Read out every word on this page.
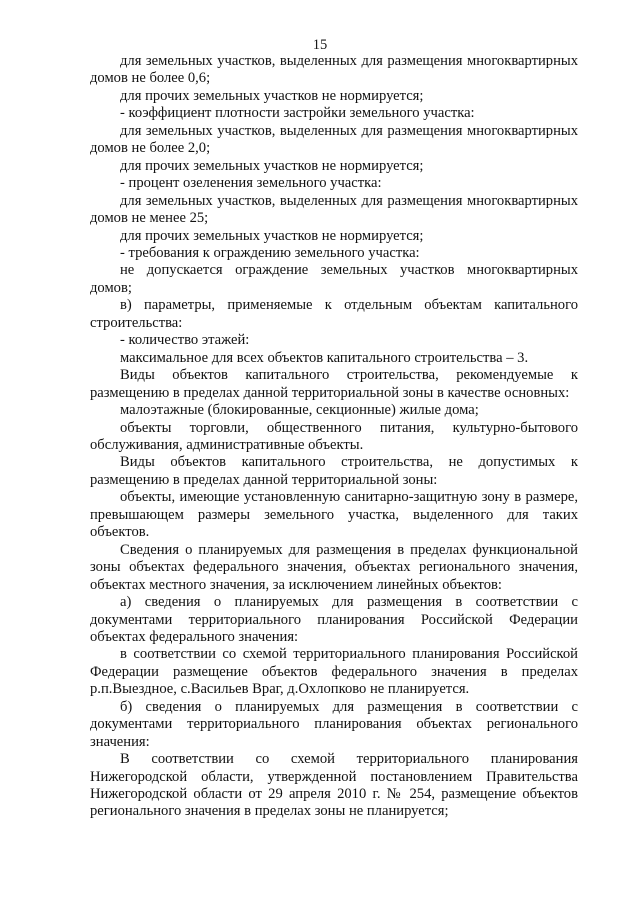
15

для земельных участков, выделенных для размещения многоквартирных домов не более 0,6;

для прочих земельных участков не нормируется;

- коэффициент плотности застройки земельного участка:

для земельных участков, выделенных для размещения многоквартирных домов не более 2,0;

для прочих земельных участков не нормируется;

- процент озеленения земельного участка:

для земельных участков, выделенных для размещения многоквартирных домов не менее 25;

для прочих земельных участков не нормируется;

- требования к ограждению земельного участка:

не допускается ограждение земельных участков многоквартирных домов;

в) параметры, применяемые к отдельным объектам капитального строительства:

- количество этажей:

максимальное для всех объектов капитального строительства – 3.

Виды объектов капитального строительства, рекомендуемые к размещению в пределах данной территориальной зоны в качестве основных:

малоэтажные (блокированные, секционные) жилые дома;

объекты торговли, общественного питания, культурно-бытового обслуживания, административные объекты.

Виды объектов капитального строительства, не допустимых к размещению в пределах данной территориальной зоны:

объекты, имеющие установленную санитарно-защитную зону в размере, превышающем размеры земельного участка, выделенного для таких объектов.

Сведения о планируемых для размещения в пределах функциональной зоны объектах федерального значения, объектах регионального значения, объектах местного значения, за исключением линейных объектов:

а) сведения о планируемых для размещения в соответствии с документами территориального планирования Российской Федерации объектах федерального значения:

в соответствии со схемой территориального планирования Российской Федерации размещение объектов федерального значения в пределах р.п.Выездное, с.Васильев Враг, д.Охлопково не планируется.

б) сведения о планируемых для размещения в соответствии с документами территориального планирования объектах регионального значения:

В соответствии со схемой территориального планирования Нижегородской области, утвержденной постановлением Правительства Нижегородской области от 29 апреля 2010 г. № 254, размещение объектов регионального значения в пределах зоны не планируется;
